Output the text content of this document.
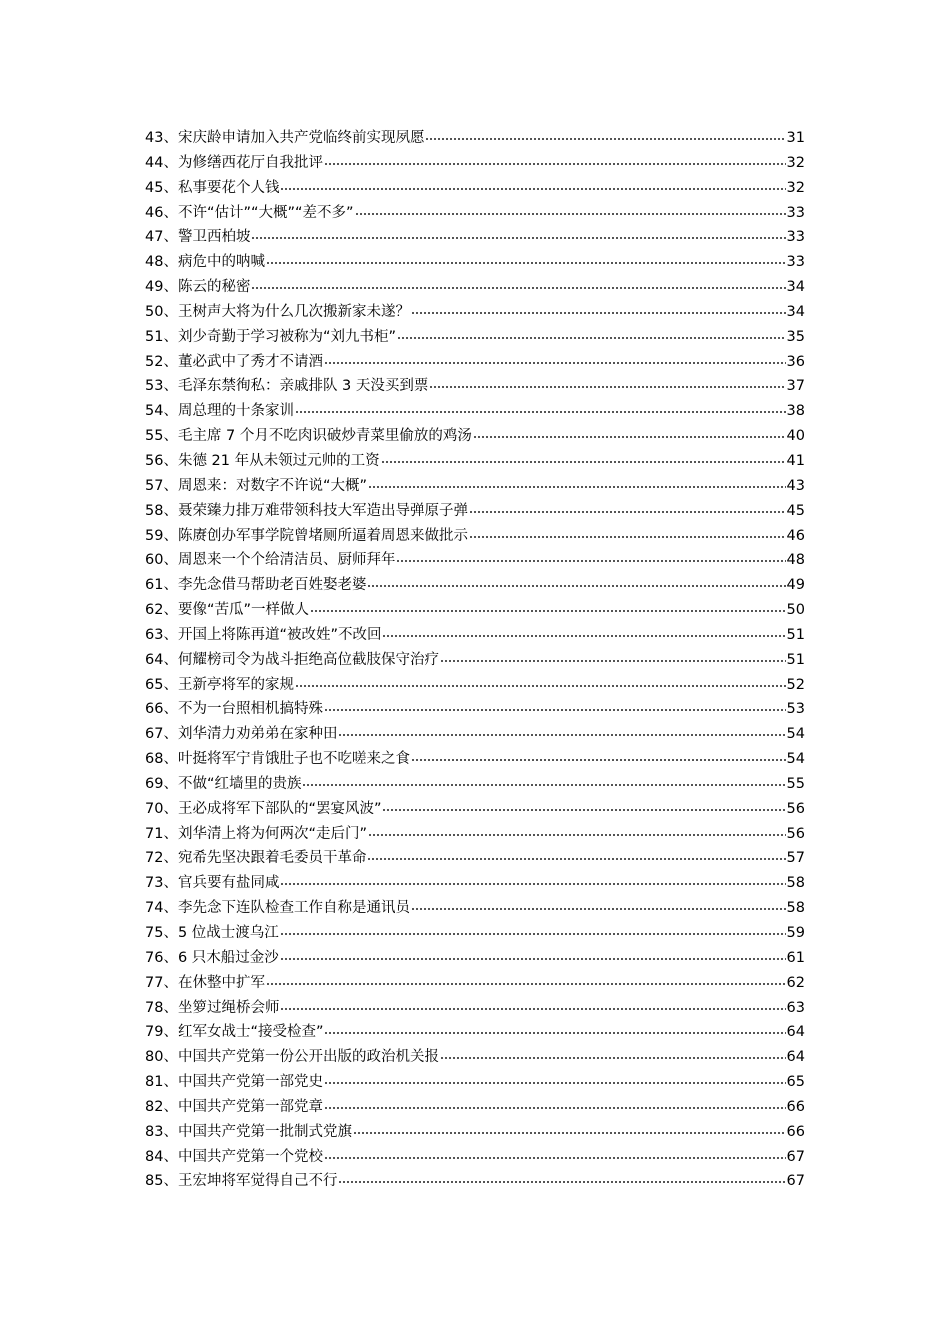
43、 宋庆龄申请加入共产党临终前实现夙愿	31
44、 为修缮西花厅自我批评	32
45、 私事要花个人钱	32
46、 不许“估计”“大概”“差不多”	33
47、 警卫西柏坡	33
48、 病危中的呐喊	33
49、 陈云的秘密	34
50、 王树声大将为什么几次搬新家未遂？	34
51、 刘少奇勤于学习被称为“刘九书柜”	35
52、 董必武中了秀才不请酒	36
53、 毛泽东禁徇私：亲戚排队 3 天没买到票	37
54、 周总理的十条家训	38
55、 毛主席 7 个月不吃肉识破炒青菜里偷放的鸡汤	40
56、 朱德 21 年从未领过元帅的工资	41
57、 周恩来：对数字不许说“大概”	43
58、 聂荣臻力排万难带领科技大军造出导弹原子弹	45
59、 陈赓创办军事学院曾堵厕所逼着周恩来做批示	46
60、 周恩来一个个给清洁员、厨师拜年	48
61、 李先念借马帮助老百姓娶老婆	49
62、 要像“苦瓜”一样做人	50
63、 开国上将陈再道“被改姓”不改回	51
64、 何耀榜司令为战斗拒绝高位截肢保守治疗	51
65、 王新亭将军的家规	52
66、 不为一台照相机搞特殊	53
67、 刘华清力劝弟弟在家种田	54
68、 叶挺将军宁肯饿肚子也不吃嗟来之食	54
69、 不做“红墙里的贵族	55
70、 王必成将军下部队的“罢宴风波”	56
71、 刘华清上将为何两次“走后门”	56
72、 宛希先坚决跟着毛委员干革命	57
73、 官兵要有盐同咸	58
74、 李先念下连队检查工作自称是通讯员	58
75、 5 位战士渡乌江	59
76、 6 只木船过金沙	61
77、 在休整中扩军	62
78、 坐箩过绳桥会师	63
79、 红军女战士“接受检查”	64
80、 中国共产党第一份公开出版的政治机关报	64
81、 中国共产党第一部党史	65
82、 中国共产党第一部党章	66
83、 中国共产党第一批制式党旗	66
84、 中国共产党第一个党校	67
85、 王宏坤将军觉得自己不行	67
